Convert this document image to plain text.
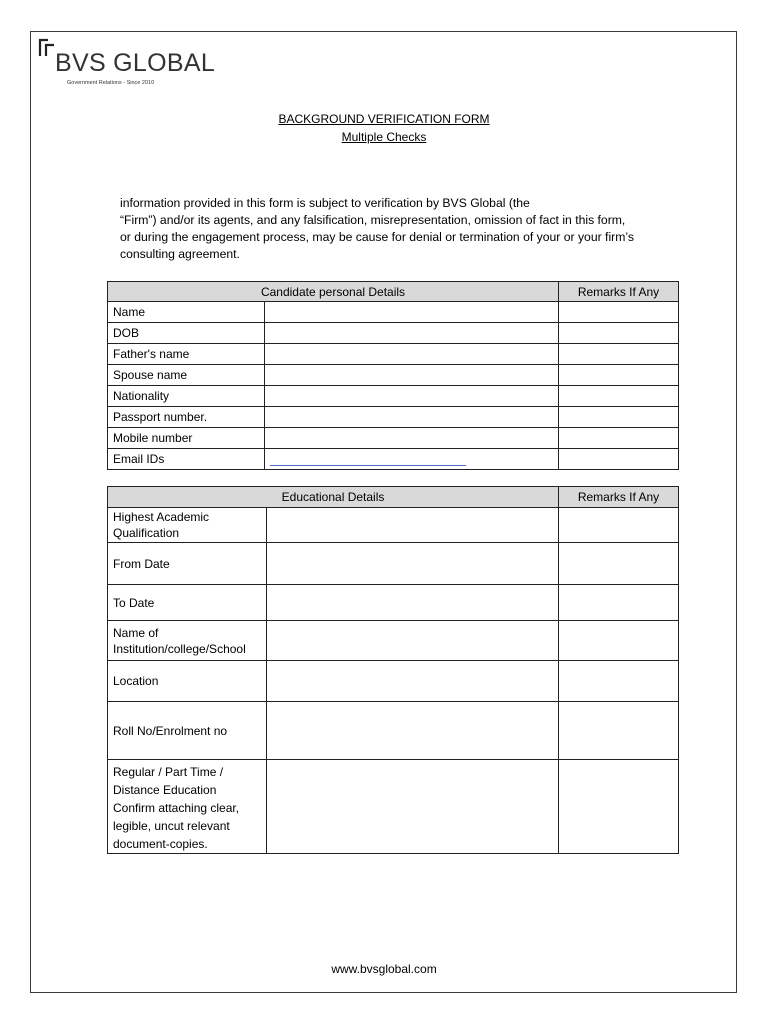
BVS GLOBAL
Government Relations - Since 2010
BACKGROUND VERIFICATION FORM
Multiple Checks

information provided in this form is subject to verification by BVS Global (the

“Firm”) and/or its agents, and any falsification, misrepresentation, omission of fact in this form,

or during the engagement process, may be cause for denial or termination of your or your firm’s

consulting agreement.

Candidate personal Details		Remarks If Any
Name		
DOB		
Father's name		
Spouse name		
Nationality		
Passport number.		
Mobile number		
Email IDs	

Educational Details		Remarks If Any
Highest Academic Qualification		
From Date		
To Date		
Name of Institution/college/School		
Location		
Roll No/Enrolment no		

Regular / Part Time / Distance Education
Confirm attaching clear, legible, uncut relevant document-copies.		

www.bvsglobal.com
